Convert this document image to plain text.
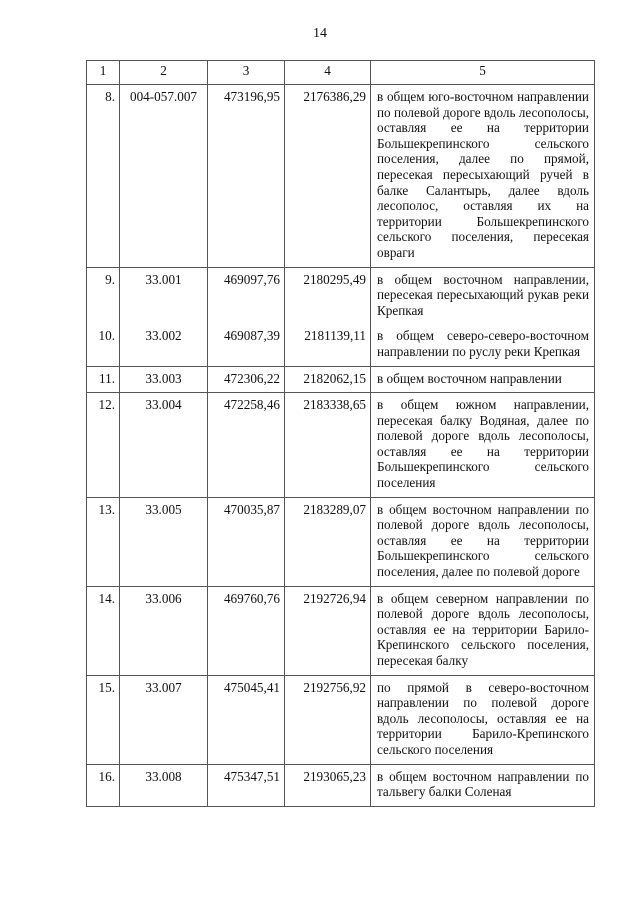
14
1	2	3	4	5
8.	004-057.007	473196,95	2176386,29	в общем юго-восточном направлении по полевой дороге вдоль лесополосы, оставляя ее на территории Большекрепинского сельского поселения, далее по прямой, пересекая пересыхающий ручей в балке Салантырь, далее вдоль лесополос, оставляя их на территории Большекрепинского сельского поселения, пересекая овраги
9.	33.001	469097,76	2180295,49	в общем восточном направлении, пересекая пересыхающий рукав реки Крепкая
10.	33.002	469087,39	2181139,11	в общем северо-северо-восточном направлении по руслу реки Крепкая
11.	33.003	472306,22	2182062,15	в общем восточном направлении
12.	33.004	472258,46	2183338,65	в общем южном направлении, пересекая балку Водяная, далее по полевой дороге вдоль лесополосы, оставляя ее на территории Большекрепинского сельского поселения
13.	33.005	470035,87	2183289,07	в общем восточном направлении по полевой дороге вдоль лесополосы, оставляя ее на территории Большекрепинского сельского поселения, далее по полевой дороге
14.	33.006	469760,76	2192726,94	в общем северном направлении по полевой дороге вдоль лесополосы, оставляя ее на территории Барило-Крепинского сельского поселения, пересекая балку
15.	33.007	475045,41	2192756,92	по прямой в северо-восточном направлении по полевой дороге вдоль лесополосы, оставляя ее на территории Барило-Крепинского сельского поселения
16.	33.008	475347,51	2193065,23	в общем восточном направлении по тальвегу балки Соленая
